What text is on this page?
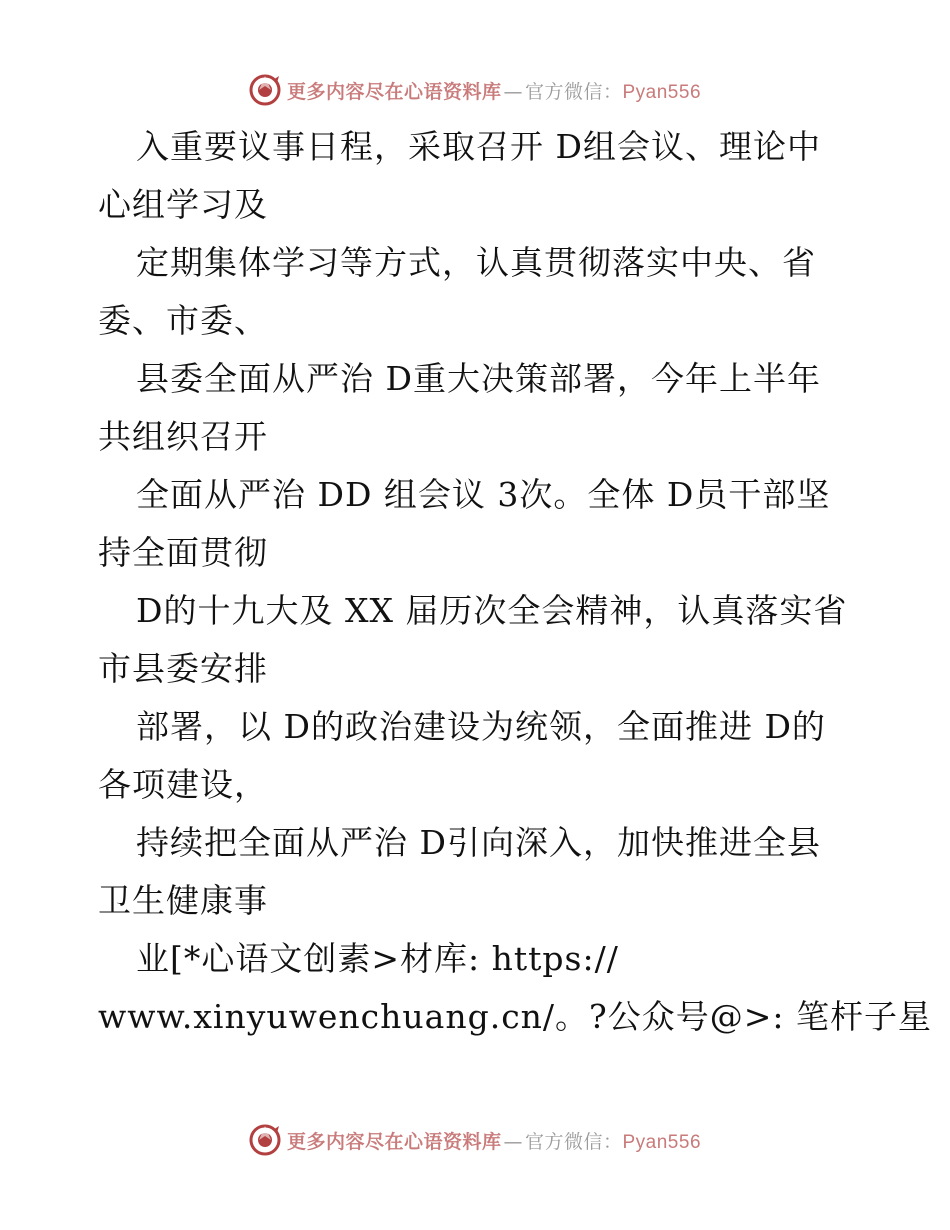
更多内容尽在心语资料库 — 官方微信：Pyan556
入重要议事日程，采取召开 D组会议、理论中
心组学习及
定期集体学习等方式，认真贯彻落实中央、省
委、市委、
县委全面从严治 D重大决策部署，今年上半年
共组织召开
全面从严治 DD 组会议 3次。全体 D员干部坚
持全面贯彻
D的十九大及 XX 届历次全会精神，认真落实省
市县委安排
部署，以 D的政治建设为统领，全面推进 D的
各项建设，
持续把全面从严治 D引向深入，加快推进全县
卫生健康事
业[*心语文创素>材库: https://
www.xinyuwenchuang.cn/。?公众号@>: 笔杆子星
更多内容尽在心语资料库 — 官方微信：Pyan556
